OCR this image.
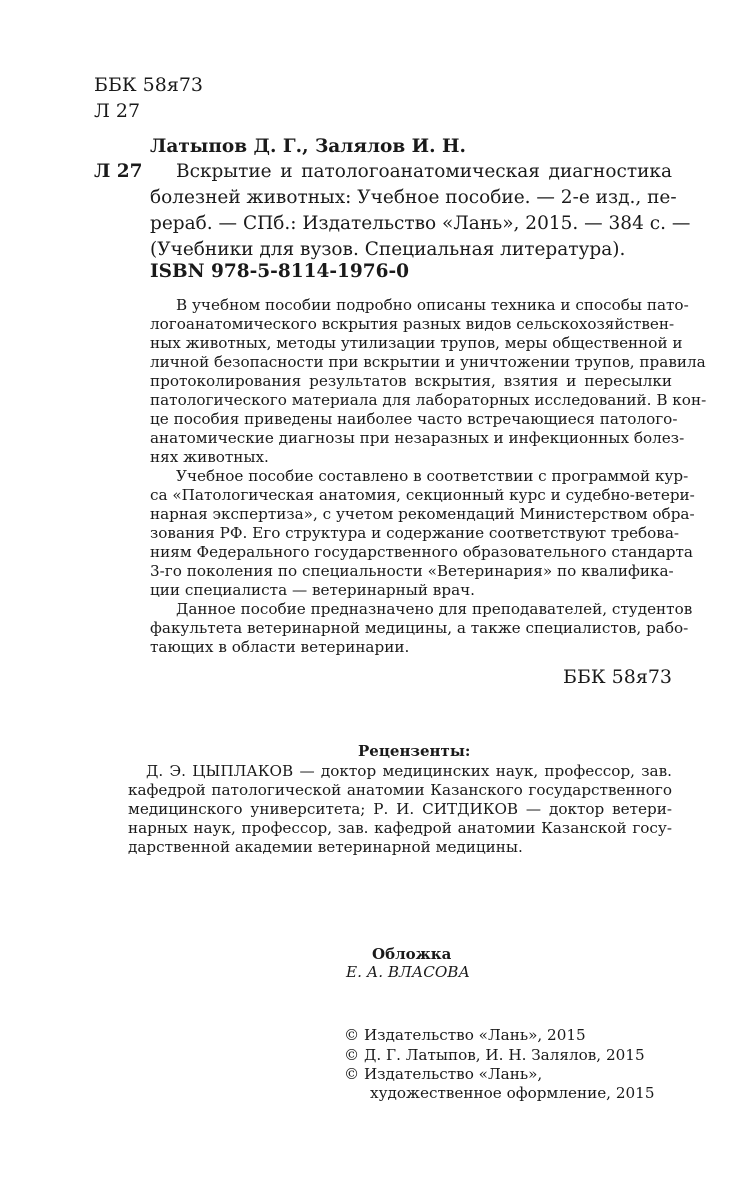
ББК 58я73
Л 27
Латыпов Д. Г., Залялов И. Н.
Л 27 Вскрытие и патологоанатомическая диагностика
болезней животных: Учебное пособие. — 2-е изд., пе-
рераб. — СПб.: Издательство «Лань», 2015. — 384 с. —
(Учебники для вузов. Специальная литература).
ISBN 978-5-8114-1976-0
В учебном пособии подробно описаны техника и способы пато-
логоанатомического вскрытия разных видов сельскохозяйствен-
ных животных, методы утилизации трупов, меры общественной и
личной безопасности при вскрытии и уничтожении трупов, правила
протоколирования результатов вскрытия, взятия и пересылки
патологического материала для лабораторных исследований. В кон-
це пособия приведены наиболее часто встречающиеся патолого-
анатомические диагнозы при незаразных и инфекционных болез-
нях животных.
Учебное пособие составлено в соответствии с программой кур-
са «Патологическая анатомия, секционный курс и судебно-ветери-
нарная экспертиза», с учетом рекомендаций Министерством обра-
зования РФ. Его структура и содержание соответствуют требова-
ниям Федерального государственного образовательного стандарта
3-го поколения по специальности «Ветеринария» по квалифика-
ции специалиста — ветеринарный врач.
Данное пособие предназначено для преподавателей, студентов
факультета ветеринарной медицины, а также специалистов, рабо-
тающих в области ветеринарии.
ББК 58я73
Рецензенты:
Д. Э. ЦЫПЛАКОВ — доктор медицинских наук, профессор, зав.
кафедрой патологической анатомии Казанского государственного
медицинского университета; Р. И. СИТДИКОВ — доктор ветери-
нарных наук, профессор, зав. кафедрой анатомии Казанской госу-
дарственной академии ветеринарной медицины.
Обложка
Е. А. ВЛАСОВА
© Издательство «Лань», 2015
© Д. Г. Латыпов, И. Н. Залялов, 2015
© Издательство «Лань»,
художественное оформление, 2015
